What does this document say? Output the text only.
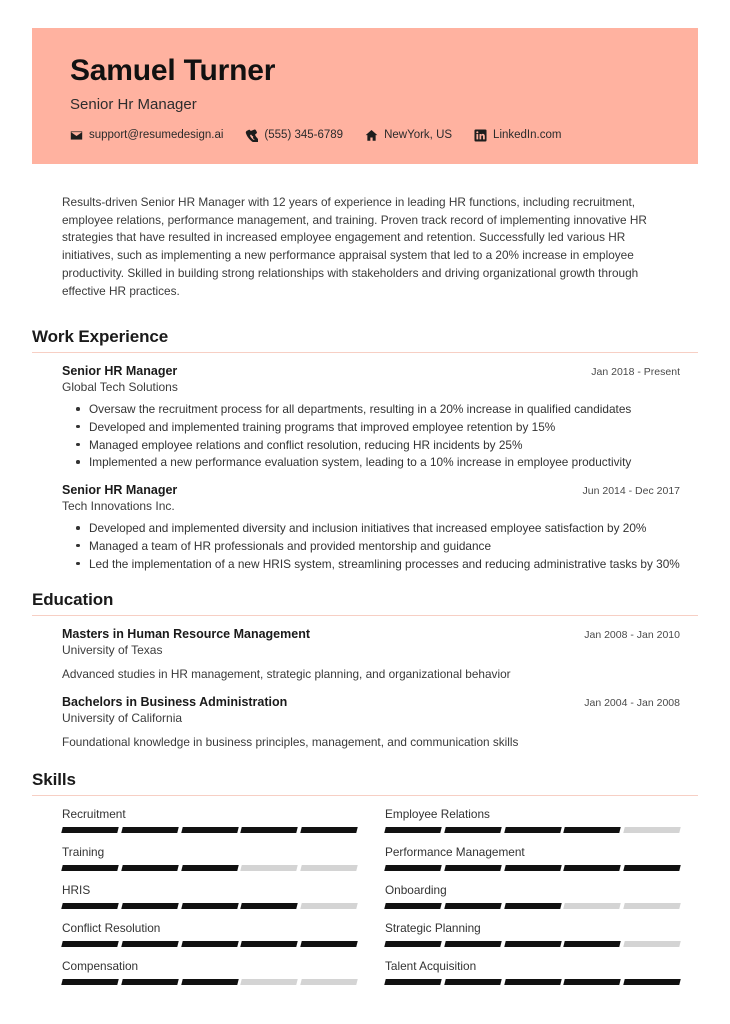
Samuel Turner
Senior Hr Manager
support@resumedesign.ai	(555) 345-6789	NewYork, US	LinkedIn.com
Results-driven Senior HR Manager with 12 years of experience in leading HR functions, including recruitment, employee relations, performance management, and training. Proven track record of implementing innovative HR strategies that have resulted in increased employee engagement and retention. Successfully led various HR initiatives, such as implementing a new performance appraisal system that led to a 20% increase in employee productivity. Skilled in building strong relationships with stakeholders and driving organizational growth through effective HR practices.
Work Experience
Senior HR Manager	Jan 2018 - Present
Global Tech Solutions
Oversaw the recruitment process for all departments, resulting in a 20% increase in qualified candidates
Developed and implemented training programs that improved employee retention by 15%
Managed employee relations and conflict resolution, reducing HR incidents by 25%
Implemented a new performance evaluation system, leading to a 10% increase in employee productivity
Senior HR Manager	Jun 2014 - Dec 2017
Tech Innovations Inc.
Developed and implemented diversity and inclusion initiatives that increased employee satisfaction by 20%
Managed a team of HR professionals and provided mentorship and guidance
Led the implementation of a new HRIS system, streamlining processes and reducing administrative tasks by 30%
Education
Masters in Human Resource Management	Jan 2008 - Jan 2010
University of Texas
Advanced studies in HR management, strategic planning, and organizational behavior
Bachelors in Business Administration	Jan 2004 - Jan 2008
University of California
Foundational knowledge in business principles, management, and communication skills
Skills
Recruitment	Employee Relations
Training	Performance Management
HRIS	Onboarding
Conflict Resolution	Strategic Planning
Compensation	Talent Acquisition
